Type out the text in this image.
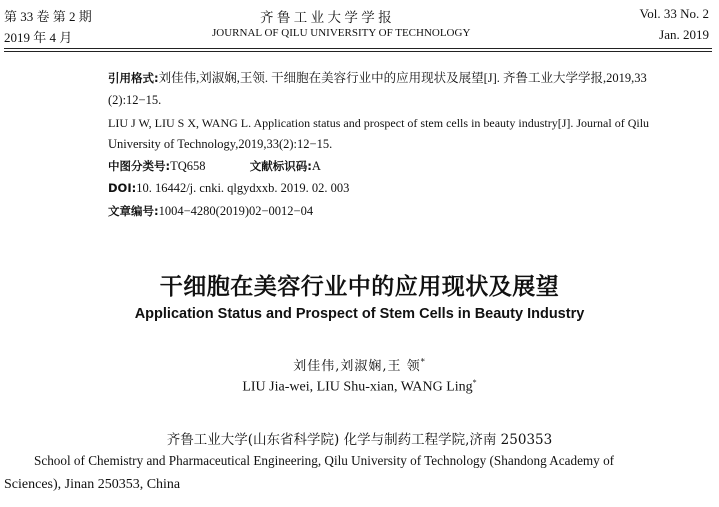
第 33 卷 第 2 期
2019 年 4 月
齐 鲁 工 业 大 学 学 报
JOURNAL OF QILU UNIVERSITY OF TECHNOLOGY
Vol. 33 No. 2
Jan. 2019
引用格式:刘佳伟,刘淑娴,王领. 干细胞在美容行业中的应用现状及展望[J]. 齐鲁工业大学学报,2019,33
(2):12−15.
LIU J W, LIU S X, WANG L. Application status and prospect of stem cells in beauty industry[J]. Journal of Qilu
University of Technology,2019,33(2):12−15.
中图分类号:TQ658	文献标识码:A
DOI:10. 16442/j. cnki. qlgydxxb. 2019. 02. 003
文章编号:1004−4280(2019)02−0012−04
干细胞在美容行业中的应用现状及展望
Application Status and Prospect of Stem Cells in Beauty Industry
刘佳伟,刘淑娴,王 领*
LIU Jia-wei, LIU Shu-xian, WANG Ling*
齐鲁工业大学(山东省科学院) 化学与制药工程学院,济南 250353
School of Chemistry and Pharmaceutical Engineering, Qilu University of Technology (Shandong Academy of
Sciences), Jinan 250353, China
